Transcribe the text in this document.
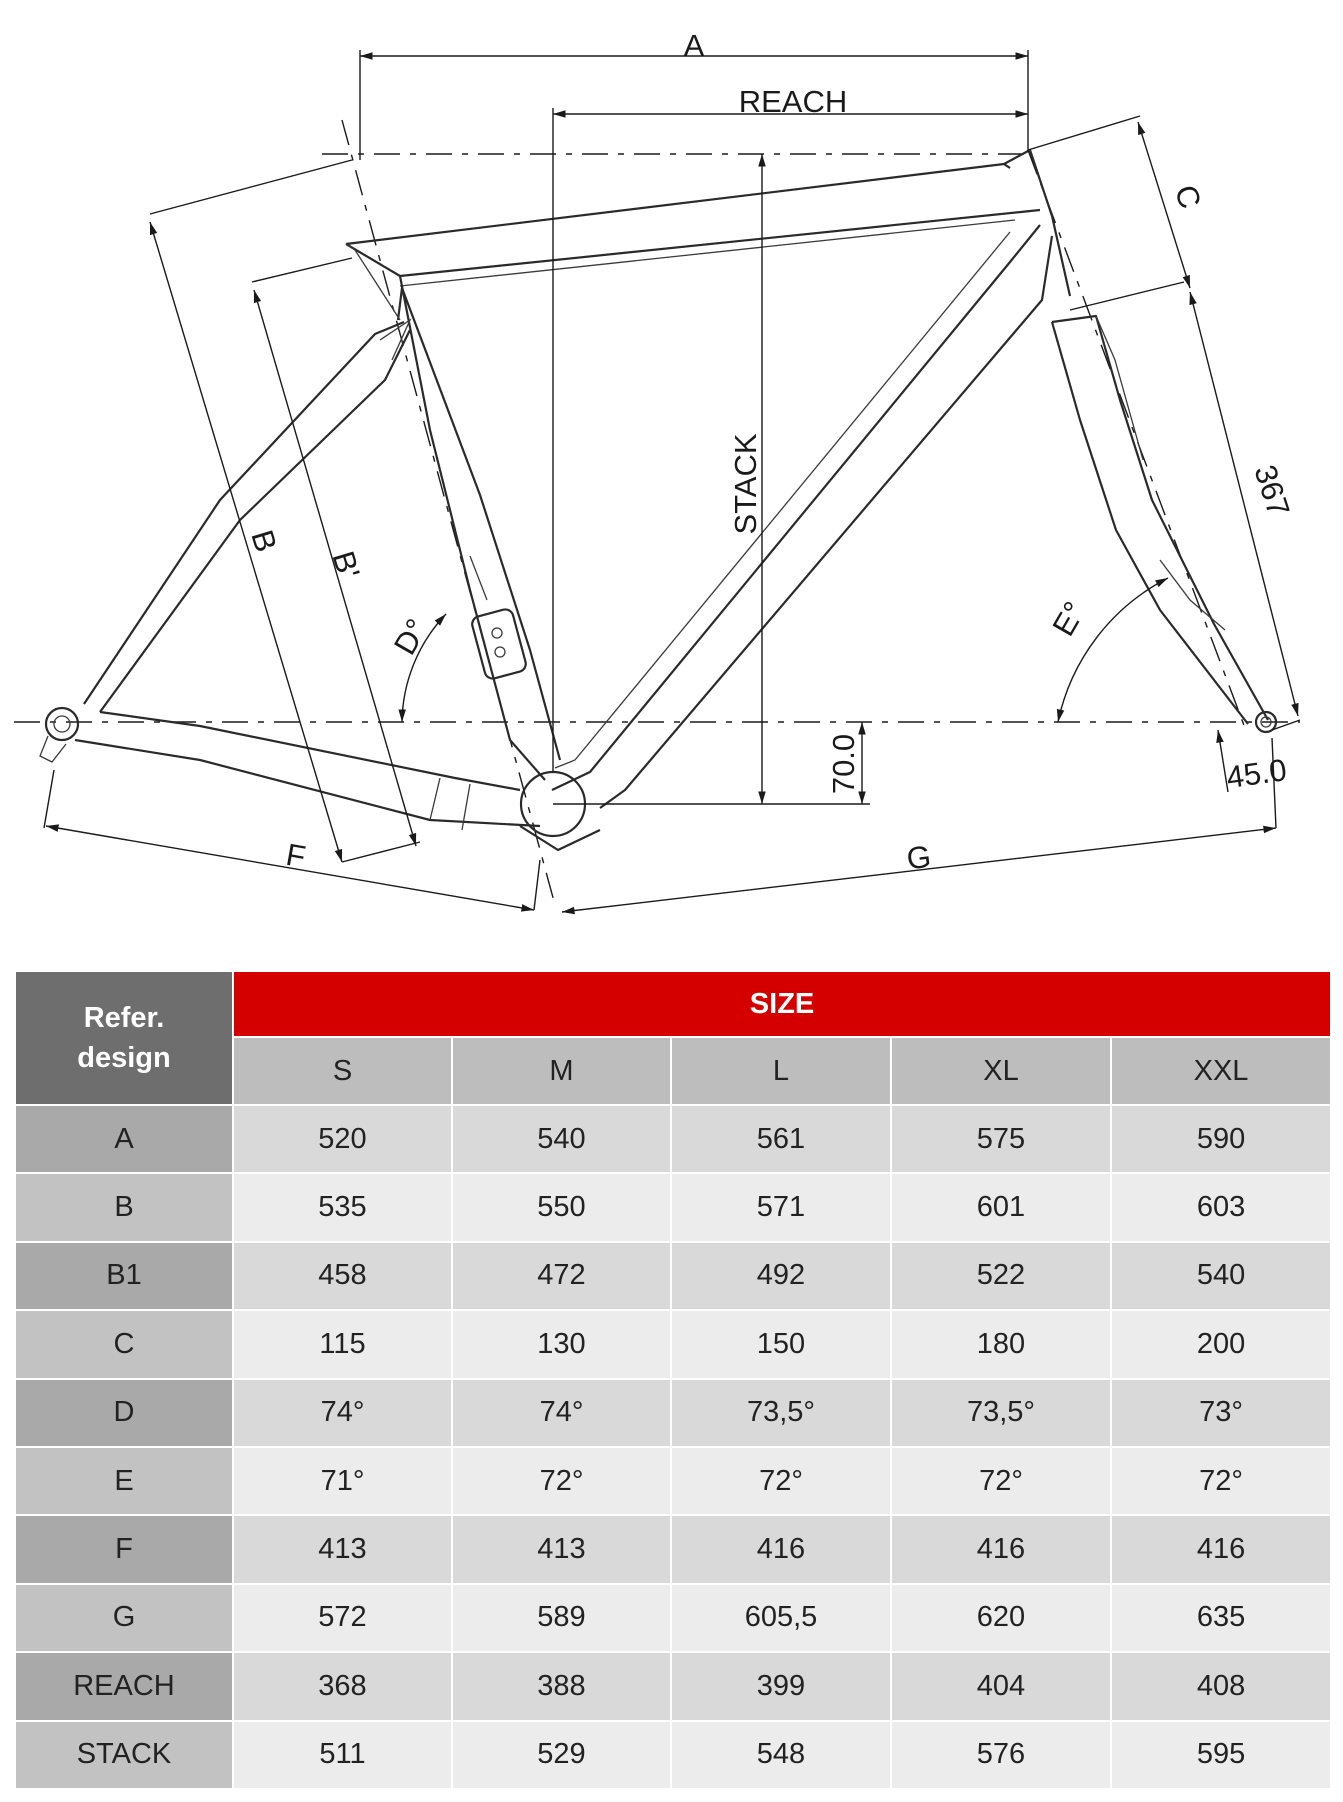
A
REACH
STACK
70.0
C
367
45.0
B
B'
D°	E°
F	G
Refer.
design	SIZE				
	S	M	L	XL	XXL
A	520	540	561	575	590
B	535	550	571	601	603
B1	458	472	492	522	540
C	115	130	150	180	200
D	74°	74°	73,5°	73,5°	73°
E	71°	72°	72°	72°	72°
F	413	413	416	416	416
G	572	589	605,5	620	635
REACH	368	388	399	404	408
STACK	511	529	548	576	595
